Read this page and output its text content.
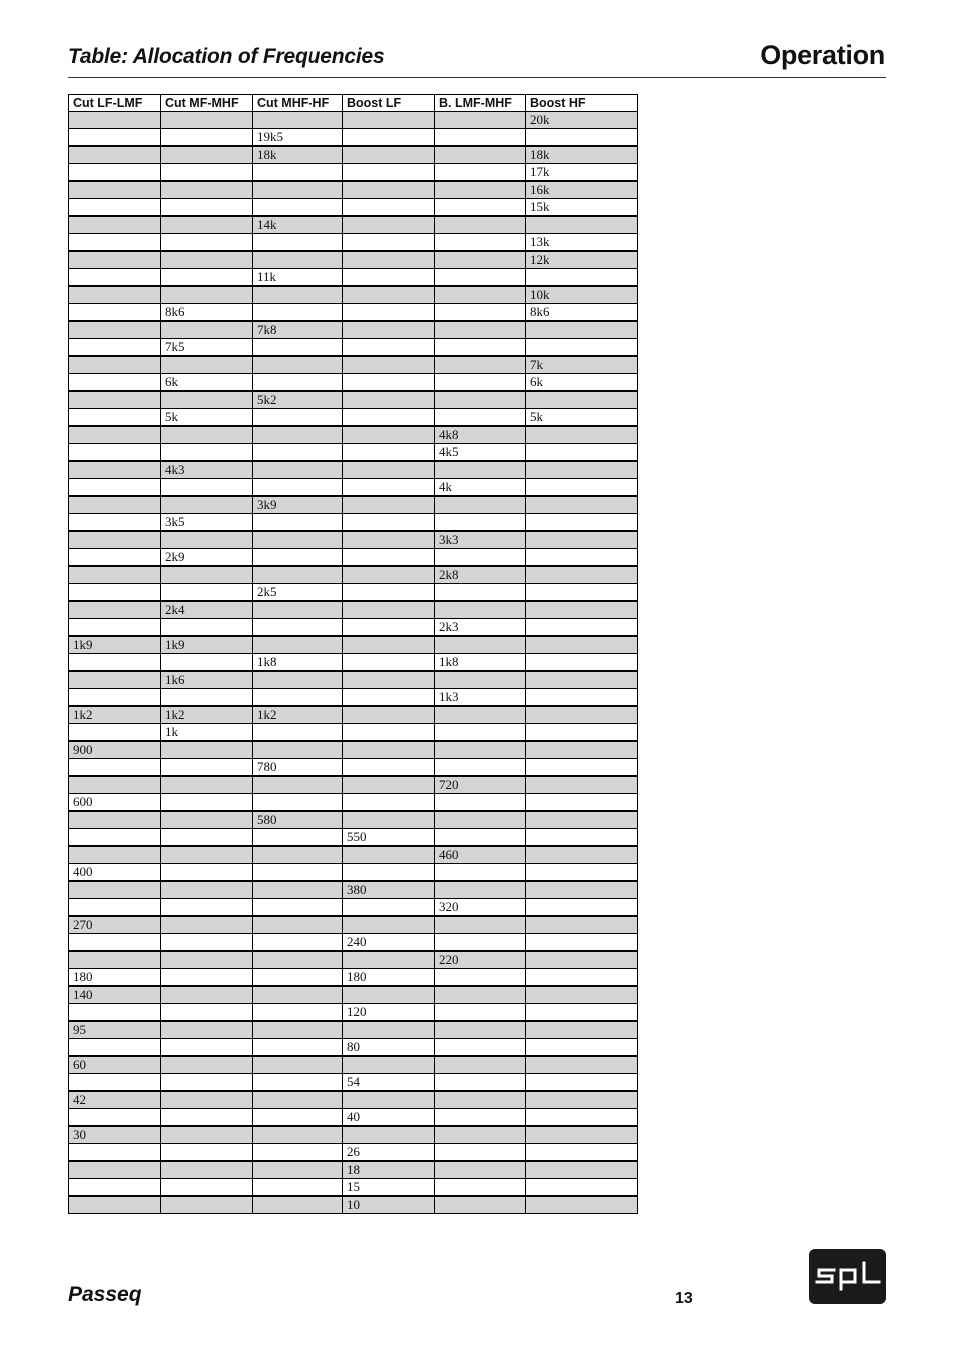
Table: Allocation of Frequencies	Operation
Cut LF-LMF	Cut MF-MHF	Cut MHF-HF	Boost LF	B. LMF-MHF	Boost HF
					20k
		19k5			
		18k			18k
					17k
					16k
					15k
		14k			
					13k
					12k
		11k			
					10k
	8k6				8k6
		7k8			
	7k5				
					7k
	6k				6k
		5k2			
	5k				5k
				4k8	
				4k5	
	4k3				
				4k	
		3k9			
	3k5				
				3k3	
	2k9				
				2k8	
		2k5			
	2k4				
				2k3	
1k9	1k9				
		1k8		1k8	
	1k6				
				1k3	
1k2	1k2	1k2			
	1k				
900					
		780			
				720	
600					
		580			
			550		
				460	
400					
			380		
				320	
270					
			240		
				220	
180			180		
140					
			120		
95					
			80		
60					
			54		
42					
			40		
30					
			26		
			18		
			15		
			10		
Passeq	13
